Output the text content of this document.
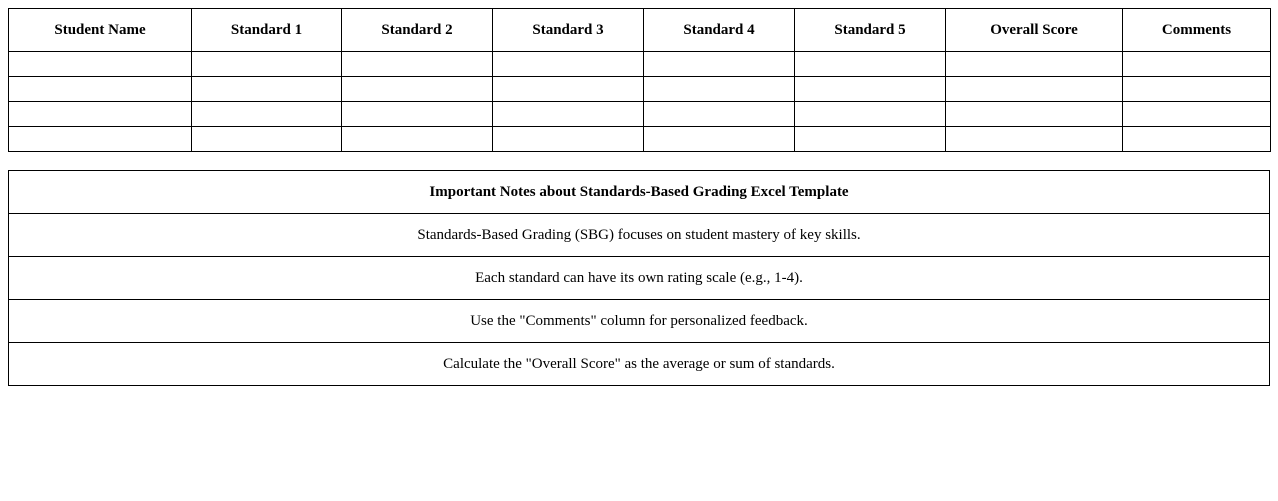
Student Name	Standard 1	Standard 2	Standard 3	Standard 4	Standard 5	Overall Score	Comments

Important Notes about Standards-Based Grading Excel Template
Standards-Based Grading (SBG) focuses on student mastery of key skills.
Each standard can have its own rating scale (e.g., 1-4).
Use the "Comments" column for personalized feedback.
Calculate the "Overall Score" as the average or sum of standards.
